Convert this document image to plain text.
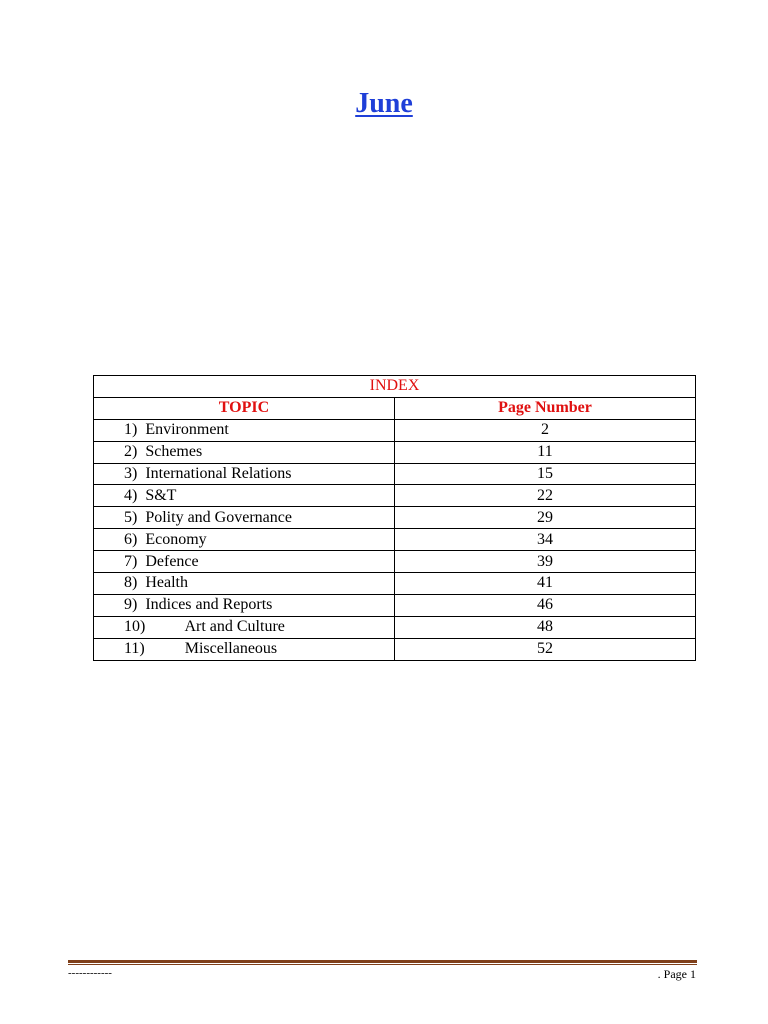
June
INDEX	
TOPIC	Page Number
1)  Environment	2
2)  Schemes	11
3)  International Relations	15
4)  S&T	22
5)  Polity and Governance	29
6)  Economy	34
7)  Defence	39
8)  Health	41
9)  Indices and Reports	46
10)          Art and Culture	48
11)          Miscellaneous	52
------------	. Page 1
